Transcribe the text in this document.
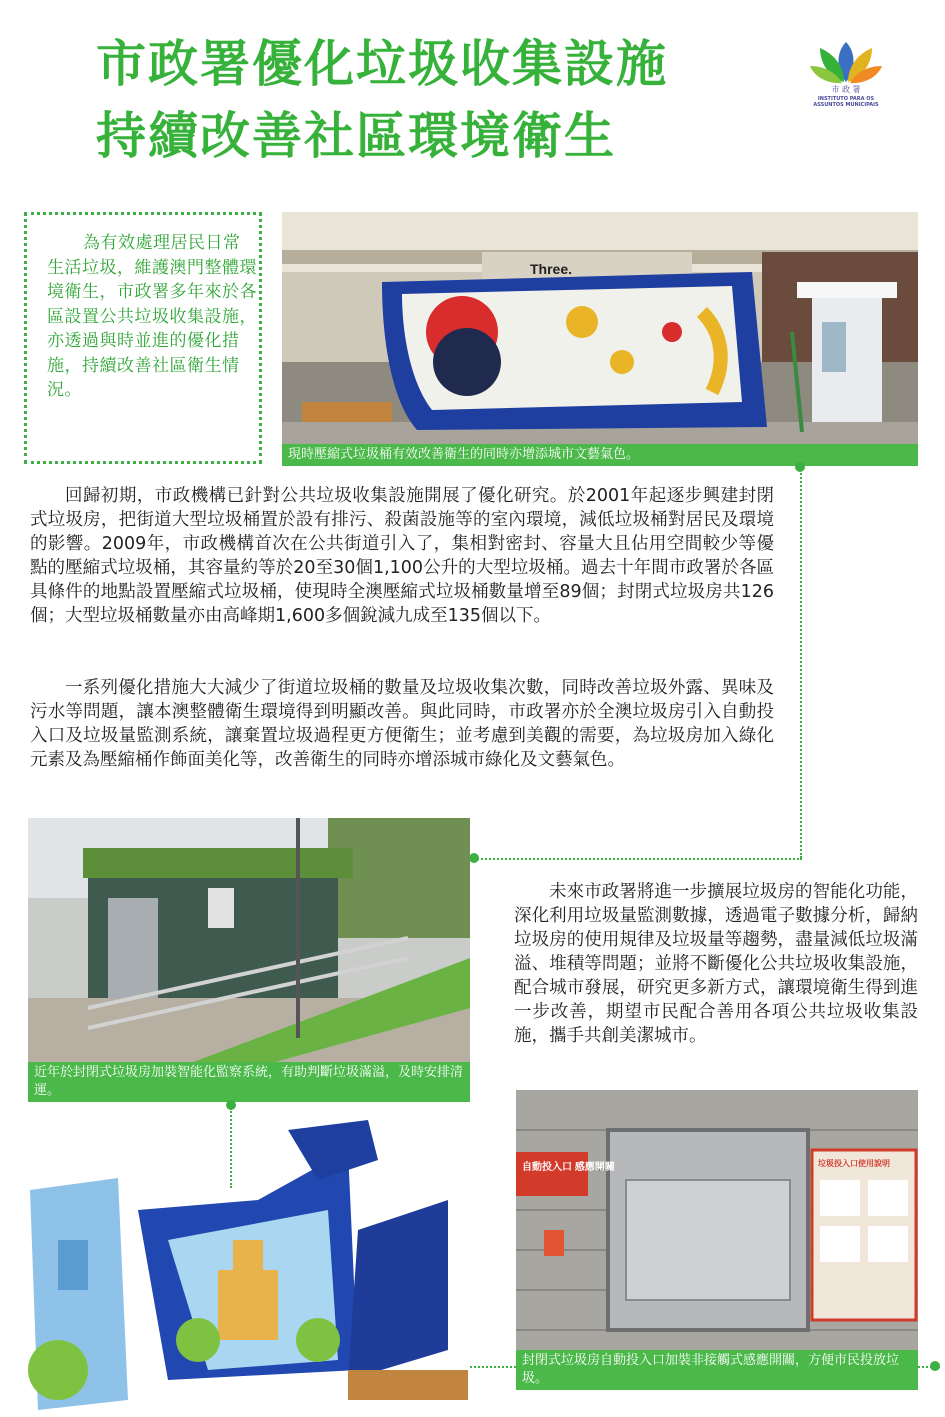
市政署優化垃圾收集設施
持續改善社區環境衛生
市 政 署
INSTITUTO PARA OS
ASSUNTOS MUNICIPAIS

為有效處理居民日常生活垃圾，維護澳門整體環境衛生，市政署多年來於各區設置公共垃圾收集設施，亦透過與時並進的優化措施，持續改善社區衛生情況。

Three.
現時壓縮式垃圾桶有效改善衛生的同時亦增添城市文藝氣色。

回歸初期，市政機構已針對公共垃圾收集設施開展了優化研究。於2001年起逐步興建封閉式垃圾房，把街道大型垃圾桶置於設有排污、殺菌設施等的室內環境，減低垃圾桶對居民及環境的影響。2009年，市政機構首次在公共街道引入了，集相對密封、容量大且佔用空間較少等優點的壓縮式垃圾桶，其容量約等於20至30個1,100公升的大型垃圾桶。過去十年間市政署於各區具條件的地點設置壓縮式垃圾桶，使現時全澳壓縮式垃圾桶數量增至89個；封閉式垃圾房共126個；大型垃圾桶數量亦由高峰期1,600多個銳減九成至135個以下。

一系列優化措施大大減少了街道垃圾桶的數量及垃圾收集次數，同時改善垃圾外露、異味及污水等問題，讓本澳整體衛生環境得到明顯改善。與此同時，市政署亦於全澳垃圾房引入自動投入口及垃圾量監測系統，讓棄置垃圾過程更方便衛生；並考慮到美觀的需要，為垃圾房加入綠化元素及為壓縮桶作飾面美化等，改善衛生的同時亦增添城市綠化及文藝氣色。

近年於封閉式垃圾房加裝智能化監察系統，有助判斷垃圾滿溢，及時安排清運。

未來市政署將進一步擴展垃圾房的智能化功能，深化利用垃圾量監測數據，透過電子數據分析，歸納垃圾房的使用規律及垃圾量等趨勢，盡量減低垃圾滿溢、堆積等問題；並將不斷優化公共垃圾收集設施，配合城市發展，研究更多新方式，讓環境衛生得到進一步改善，期望市民配合善用各項公共垃圾收集設施，攜手共創美潔城市。

自動投入口 感應開關	垃圾投入口使用說明
封閉式垃圾房自動投入口加裝非接觸式感應開關，方便市民投放垃圾。
